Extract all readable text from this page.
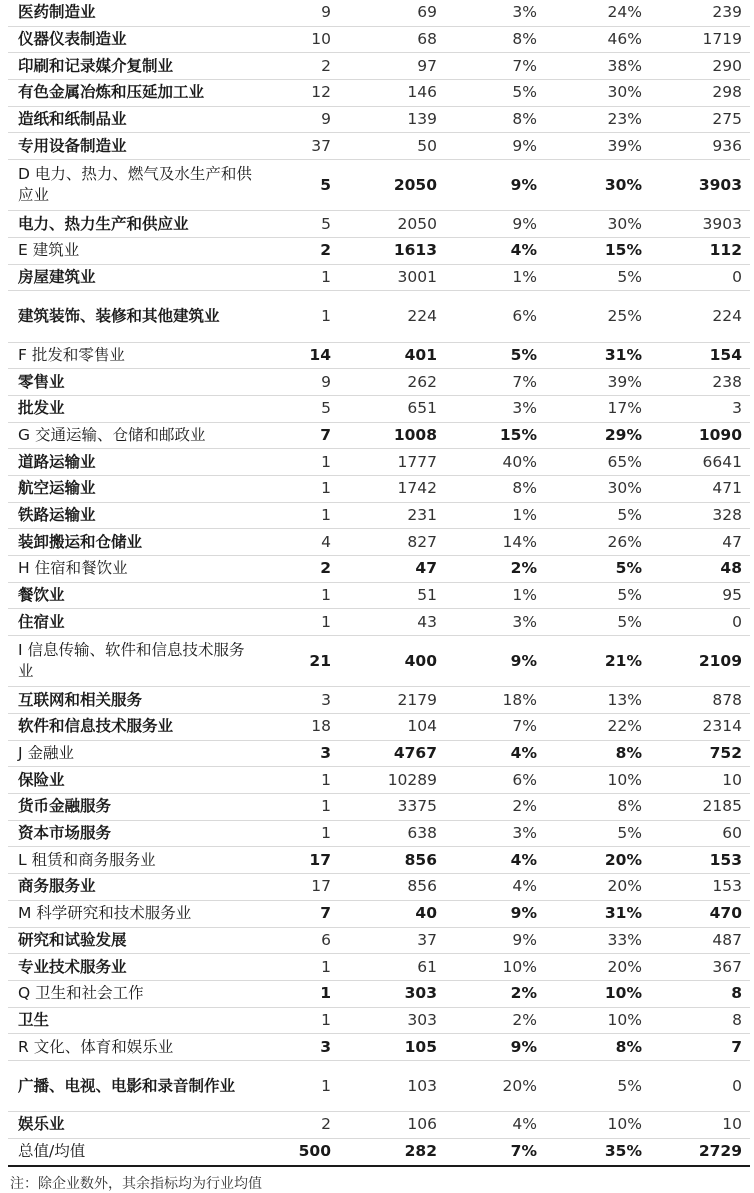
医药制造业	9	69	3%	24%	239
仪器仪表制造业	10	68	8%	46%	1719
印刷和记录媒介复制业	2	97	7%	38%	290
有色金属冶炼和压延加工业	12	146	5%	30%	298
造纸和纸制品业	9	139	8%	23%	275
专用设备制造业	37	50	9%	39%	936
D 电力、热力、燃气及水生产和供应业	5	2050	9%	30%	3903
电力、热力生产和供应业	5	2050	9%	30%	3903
E 建筑业	2	1613	4%	15%	112
房屋建筑业	1	3001	1%	5%	0
建筑装饰、装修和其他建筑业	1	224	6%	25%	224
F 批发和零售业	14	401	5%	31%	154
零售业	9	262	7%	39%	238
批发业	5	651	3%	17%	3
G 交通运输、仓储和邮政业	7	1008	15%	29%	1090
道路运输业	1	1777	40%	65%	6641
航空运输业	1	1742	8%	30%	471
铁路运输业	1	231	1%	5%	328
装卸搬运和仓储业	4	827	14%	26%	47
H 住宿和餐饮业	2	47	2%	5%	48
餐饮业	1	51	1%	5%	95
住宿业	1	43	3%	5%	0
I 信息传输、软件和信息技术服务业	21	400	9%	21%	2109
互联网和相关服务	3	2179	18%	13%	878
软件和信息技术服务业	18	104	7%	22%	2314
J 金融业	3	4767	4%	8%	752
保险业	1	10289	6%	10%	10
货币金融服务	1	3375	2%	8%	2185
资本市场服务	1	638	3%	5%	60
L 租赁和商务服务业	17	856	4%	20%	153
商务服务业	17	856	4%	20%	153
M 科学研究和技术服务业	7	40	9%	31%	470
研究和试验发展	6	37	9%	33%	487
专业技术服务业	1	61	10%	20%	367
Q 卫生和社会工作	1	303	2%	10%	8
卫生	1	303	2%	10%	8
R 文化、体育和娱乐业	3	105	9%	8%	7
广播、电视、电影和录音制作业	1	103	20%	5%	0
娱乐业	2	106	4%	10%	10
总值/均值	500	282	7%	35%	2729
注：除企业数外，其余指标均为行业均值
